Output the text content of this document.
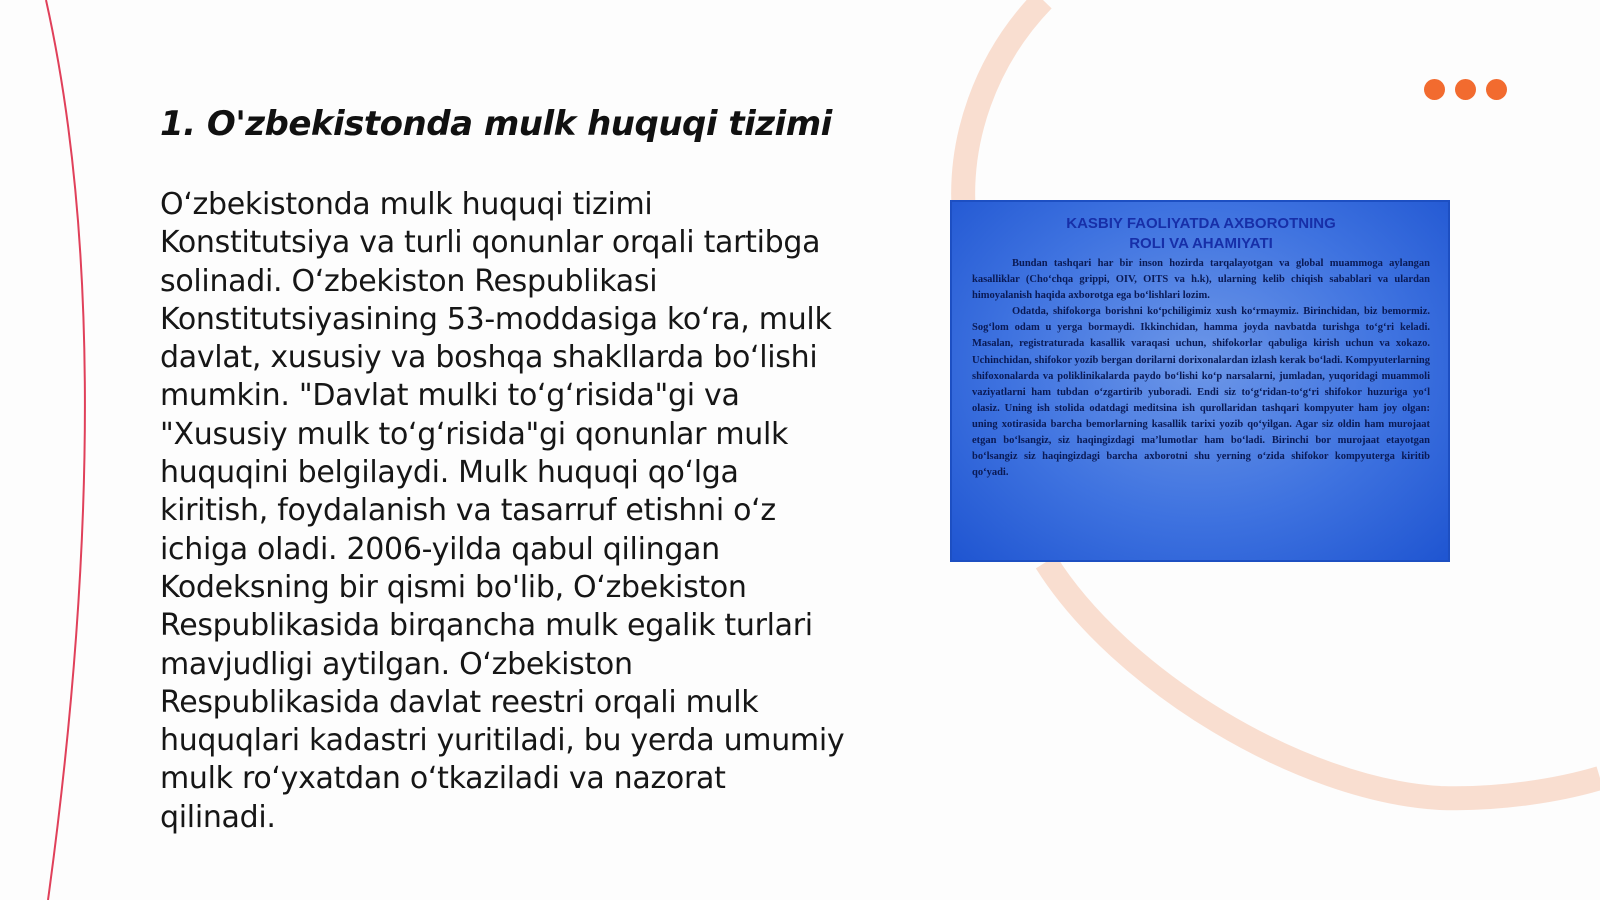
1. O'zbekistonda mulk huquqi tizimi

O‘zbekistonda mulk huquqi tizimi Konstitutsiya va turli qonunlar orqali tartibga solinadi. O‘zbekiston Respublikasi Konstitutsiyasining 53-moddasiga ko‘ra, mulk davlat, xususiy va boshqa shakllarda bo‘lishi mumkin. "Davlat mulki to‘g‘risida"gi va "Xususiy mulk to‘g‘risida"gi qonunlar mulk huquqini belgilaydi. Mulk huquqi qo‘lga kiritish, foydalanish va tasarruf etishni o‘z ichiga oladi. 2006-yilda qabul qilingan Kodeksning bir qismi bo'lib, O‘zbekiston Respublikasida birqancha mulk egalik turlari mavjudligi aytilgan. O‘zbekiston Respublikasida davlat reestri orqali mulk huquqlari kadastri yuritiladi, bu yerda umumiy mulk ro‘yxatdan o‘tkaziladi va nazorat qilinadi.

KASBIY FAOLIYATDA AXBOROTNING
ROLI VA AHAMIYATI

Bundan tashqari har bir inson hozirda tarqalayotgan va global muammoga aylangan kasalliklar (Cho‘chqa grippi, OIV, OITS va h.k), ularning kelib chiqish sabablari va ulardan himoyalanish haqida axborotga ega bo‘lishlari lozim.

Odatda, shifokorga borishni ko‘pchiligimiz xush ko‘rmaymiz. Birinchidan, biz bemormiz. Sog‘lom odam u yerga bormaydi. Ikkinchidan, hamma joyda navbatda turishga to‘g‘ri keladi. Masalan, registraturada kasallik varaqasi uchun, shifokorlar qabuliga kirish uchun va xokazo. Uchinchidan, shifokor yozib bergan dorilarni dorixonalardan izlash kerak bo‘ladi. Kompyuterlarning shifoxonalarda va poliklinikalarda paydo bo‘lishi ko‘p narsalarni, jumladan, yuqoridagi muammoli vaziyatlarni ham tubdan o‘zgartirib yuboradi. Endi siz to‘g‘ridan-to‘g‘ri shifokor huzuriga yo‘l olasiz. Uning ish stolida odatdagi meditsina ish qurollaridan tashqari kompyuter ham joy olgan: uning xotirasida barcha bemorlarning kasallik tarixi yozib qo‘yilgan. Agar siz oldin ham murojaat etgan bo‘lsangiz, siz haqingizdagi ma’lumotlar ham bo‘ladi. Birinchi bor murojaat etayotgan bo‘lsangiz siz haqingizdagi barcha axborotni shu yerning o‘zida shifokor kompyuterga kiritib qo‘yadi.
